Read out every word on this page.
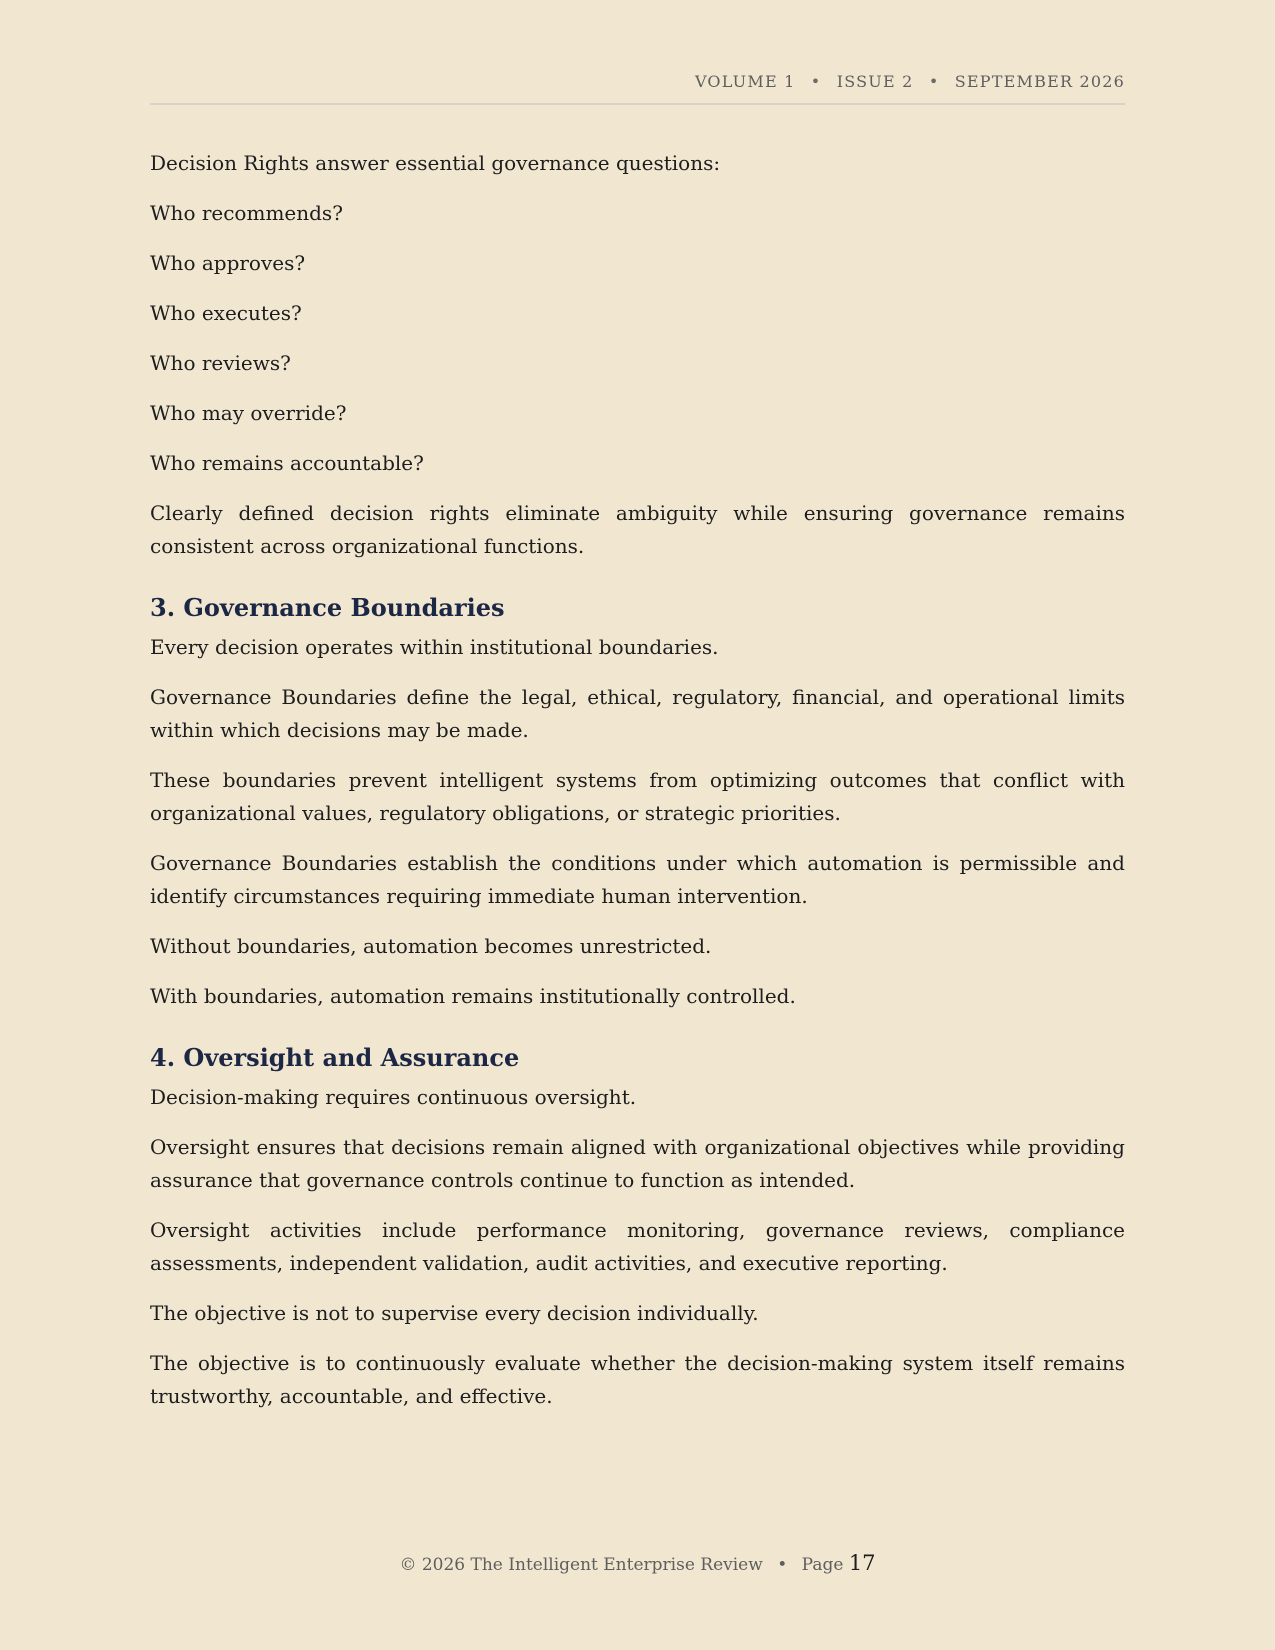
VOLUME 1 • ISSUE 2 • SEPTEMBER 2026

Decision Rights answer essential governance questions:

Who recommends?

Who approves?

Who executes?

Who reviews?

Who may override?

Who remains accountable?

Clearly defined decision rights eliminate ambiguity while ensuring governance remains consistent across organizational functions.

3. Governance Boundaries

Every decision operates within institutional boundaries.

Governance Boundaries define the legal, ethical, regulatory, financial, and operational limits within which decisions may be made.

These boundaries prevent intelligent systems from optimizing outcomes that conflict with organizational values, regulatory obligations, or strategic priorities.

Governance Boundaries establish the conditions under which automation is permissible and identify circumstances requiring immediate human intervention.

Without boundaries, automation becomes unrestricted.

With boundaries, automation remains institutionally controlled.

4. Oversight and Assurance

Decision-making requires continuous oversight.

Oversight ensures that decisions remain aligned with organizational objectives while providing assurance that governance controls continue to function as intended.

Oversight activities include performance monitoring, governance reviews, compliance assessments, independent validation, audit activities, and executive reporting.

The objective is not to supervise every decision individually.

The objective is to continuously evaluate whether the decision-making system itself remains trustworthy, accountable, and effective.

© 2026 The Intelligent Enterprise Review • Page 17
